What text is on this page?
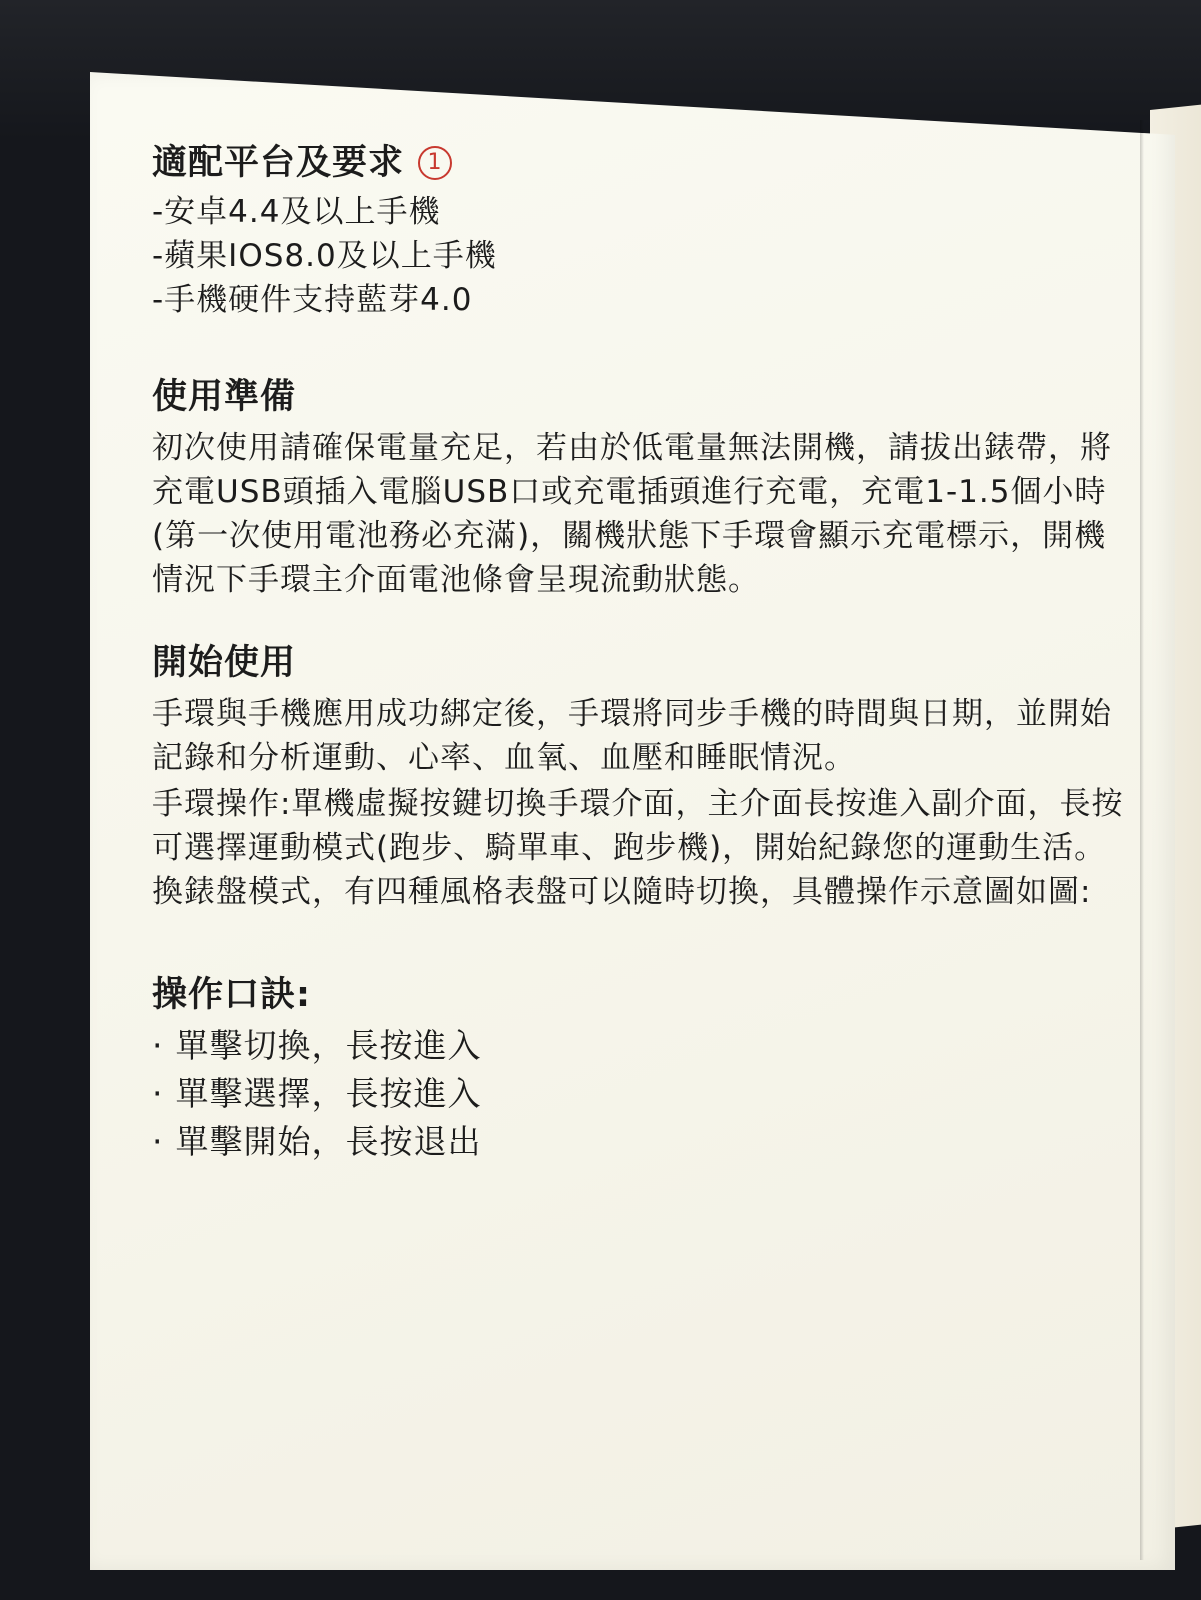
適配平台及要求	1
-安卓4.4及以上手機
-蘋果IOS8.0及以上手機
-手機硬件支持藍芽4.0
使用準備

初次使用請確保電量充足，若由於低電量無法開機，請拔出錶帶，將充電USB頭插入電腦USB口或充電插頭進行充電，充電1-1.5個小時(第一次使用電池務必充滿)，關機狀態下手環會顯示充電標示，開機情況下手環主介面電池條會呈現流動狀態。

開始使用

手環與手機應用成功綁定後，手環將同步手機的時間與日期，並開始記錄和分析運動、心率、血氧、血壓和睡眠情況。

手環操作:單機虛擬按鍵切換手環介面，主介面長按進入副介面，長按可選擇運動模式(跑步、騎單車、跑步機)，開始紀錄您的運動生活。換錶盤模式，有四種風格表盤可以隨時切換，具體操作示意圖如圖:

操作口訣:
· 單擊切換，長按進入
· 單擊選擇，長按進入
· 單擊開始，長按退出
